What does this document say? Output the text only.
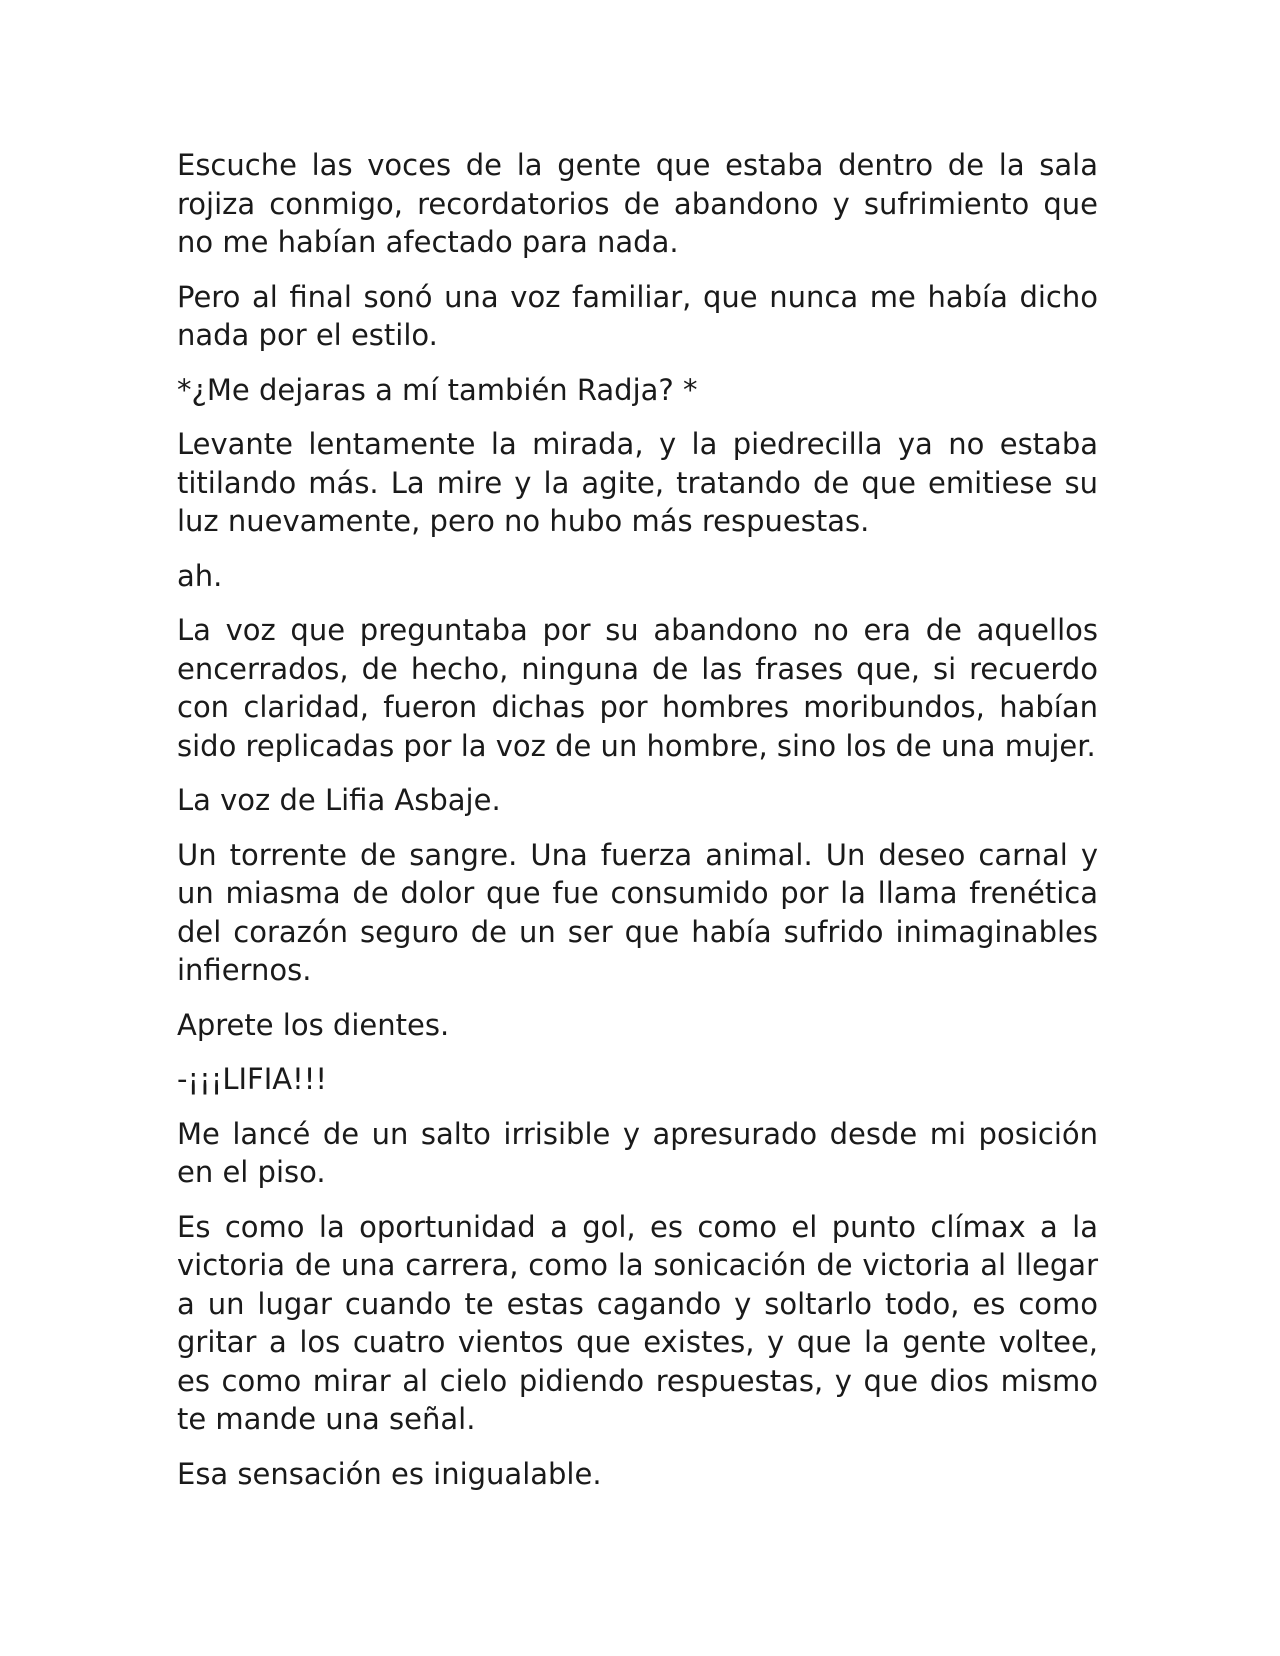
Escuche las voces de la gente que estaba dentro de la sala rojiza conmigo, recordatorios de abandono y sufrimiento que no me habían afectado para nada.

Pero al final sonó una voz familiar, que nunca me había dicho nada por el estilo.

*¿Me dejaras a mí también Radja? *

Levante lentamente la mirada, y la piedrecilla ya no estaba titilando más. La mire y la agite, tratando de que emitiese su luz nuevamente, pero no hubo más respuestas.

ah.

La voz que preguntaba por su abandono no era de aquellos encerrados, de hecho, ninguna de las frases que, si recuerdo con claridad, fueron dichas por hombres moribundos, habían sido replicadas por la voz de un hombre, sino los de una mujer.

La voz de Lifia Asbaje.

Un torrente de sangre. Una fuerza animal. Un deseo carnal y un miasma de dolor que fue consumido por la llama frenética del corazón seguro de un ser que había sufrido inimaginables infiernos.

Aprete los dientes.

-¡¡¡LIFIA!!!

Me lancé de un salto irrisible y apresurado desde mi posición en el piso.

Es como la oportunidad a gol, es como el punto clímax a la victoria de una carrera, como la sonicación de victoria al llegar a un lugar cuando te estas cagando y soltarlo todo, es como gritar a los cuatro vientos que existes, y que la gente voltee, es como mirar al cielo pidiendo respuestas, y que dios mismo te mande una señal.

Esa sensación es inigualable.
